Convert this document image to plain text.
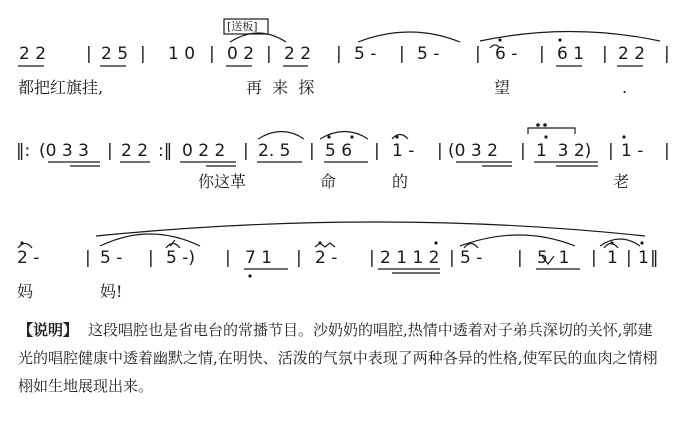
[送板]
2 2 | 2 5 | 1 0 | 0 2 | 2 2 | 5 - | 5 - | 6 - | 6 1 | 2 2 |
都把红旗挂,	再  来  探	望	.
‖: (0 3 3 | 2 2 :‖ 0 2 2 | 2. 5 | 5 6 | 1 - | (0 3 2 | 1  3 2) | 1 - |
你这革	命	的	老
2 -	| 5 - | 5 -) | 7 1 | 2 - | 2 1 1 2 | 5 - | 5  1 | 1 | 1 ‖
妈	妈!
【说明】 这段唱腔也是省电台的常播节目。沙奶奶的唱腔,热情中透着对子弟兵深切的关怀,郭建光的唱腔健康中透着幽默之情,在明快、活泼的气氛中表现了两种各异的性格,使军民的血肉之情栩栩如生地展现出来。
